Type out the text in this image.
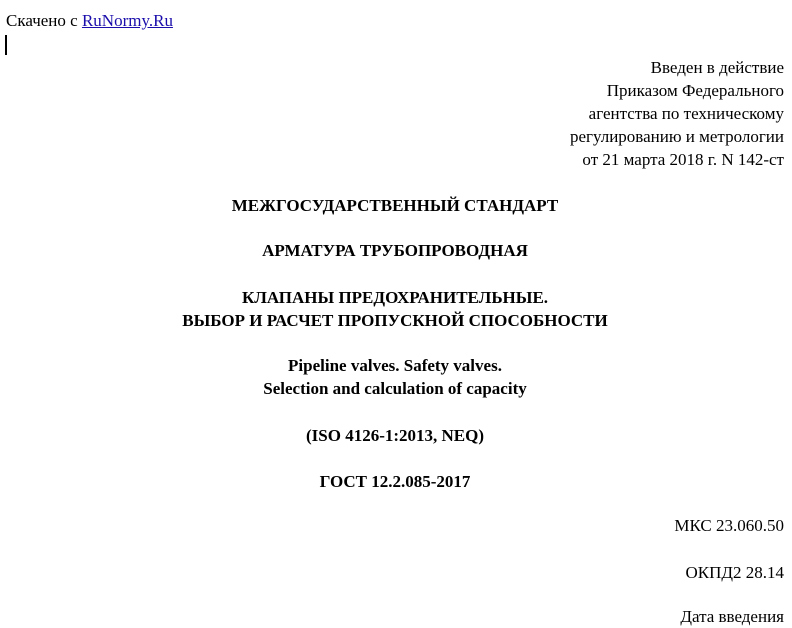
Скачено с RuNormy.Ru
Введен в действие
Приказом Федерального
агентства по техническому
регулированию и метрологии
от 21 марта 2018 г. N 142-ст
МЕЖГОСУДАРСТВЕННЫЙ СТАНДАРТ
АРМАТУРА ТРУБОПРОВОДНАЯ
КЛАПАНЫ ПРЕДОХРАНИТЕЛЬНЫЕ.
ВЫБОР И РАСЧЕТ ПРОПУСКНОЙ СПОСОБНОСТИ
Pipeline valves. Safety valves.
Selection and calculation of capacity
(ISO 4126-1:2013, NEQ)
ГОСТ 12.2.085-2017
МКС 23.060.50
ОКПД2 28.14
Дата введения
